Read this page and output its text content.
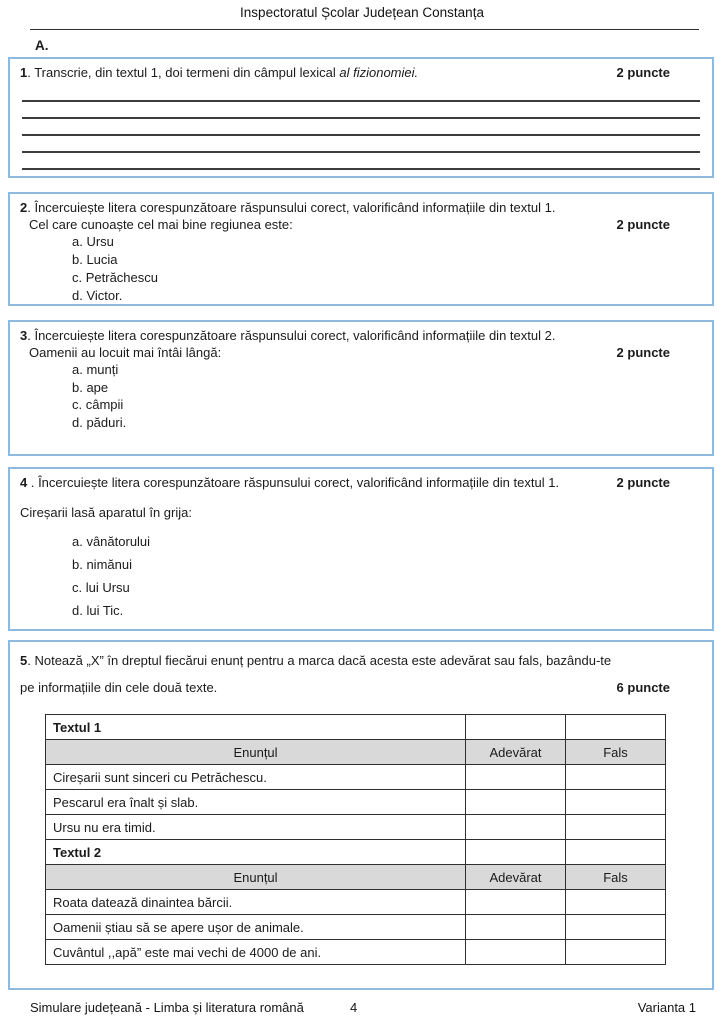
Inspectoratul Școlar Județean Constanța
A.
1. Transcrie, din textul 1, doi termeni din câmpul lexical al fizionomiei.	2 puncte
2. Încercuiește litera corespunzătoare răspunsului corect, valorificând informațiile din textul 1.
Cel care cunoaște cel mai bine regiunea este:	2 puncte
a. Ursu
b. Lucia
c. Petrăchescu
d. Victor.
3. Încercuiește litera corespunzătoare răspunsului corect, valorificând informațiile din textul 2.
Oamenii au locuit mai întâi lângă:	2 puncte
a. munți
b. ape
c. câmpii
d. păduri.
4 . Încercuiește litera corespunzătoare răspunsului corect, valorificând informațiile din textul 1.	2 puncte
Cireșarii lasă aparatul în grija:
a. vânătorului
b. nimănui
c. lui Ursu
d. lui Tic.
5. Notează „X” în dreptul fiecărui enunț pentru a marca dacă acesta este adevărat sau fals, bazându-te
pe informațiile din cele două texte.	6 puncte
Textul 1		
Enunțul	Adevărat	Fals
Cireșarii sunt sinceri cu Petrăchescu.		
Pescarul era înalt și slab.		
Ursu nu era timid.		
Textul 2		
Enunțul	Adevărat	Fals
Roata datează dinaintea bărcii.		
Oamenii știau să se apere ușor de animale.		
Cuvântul ,,apă” este mai vechi de 4000 de ani.		
Simulare județeană - Limba și literatura română	4	Varianta 1
